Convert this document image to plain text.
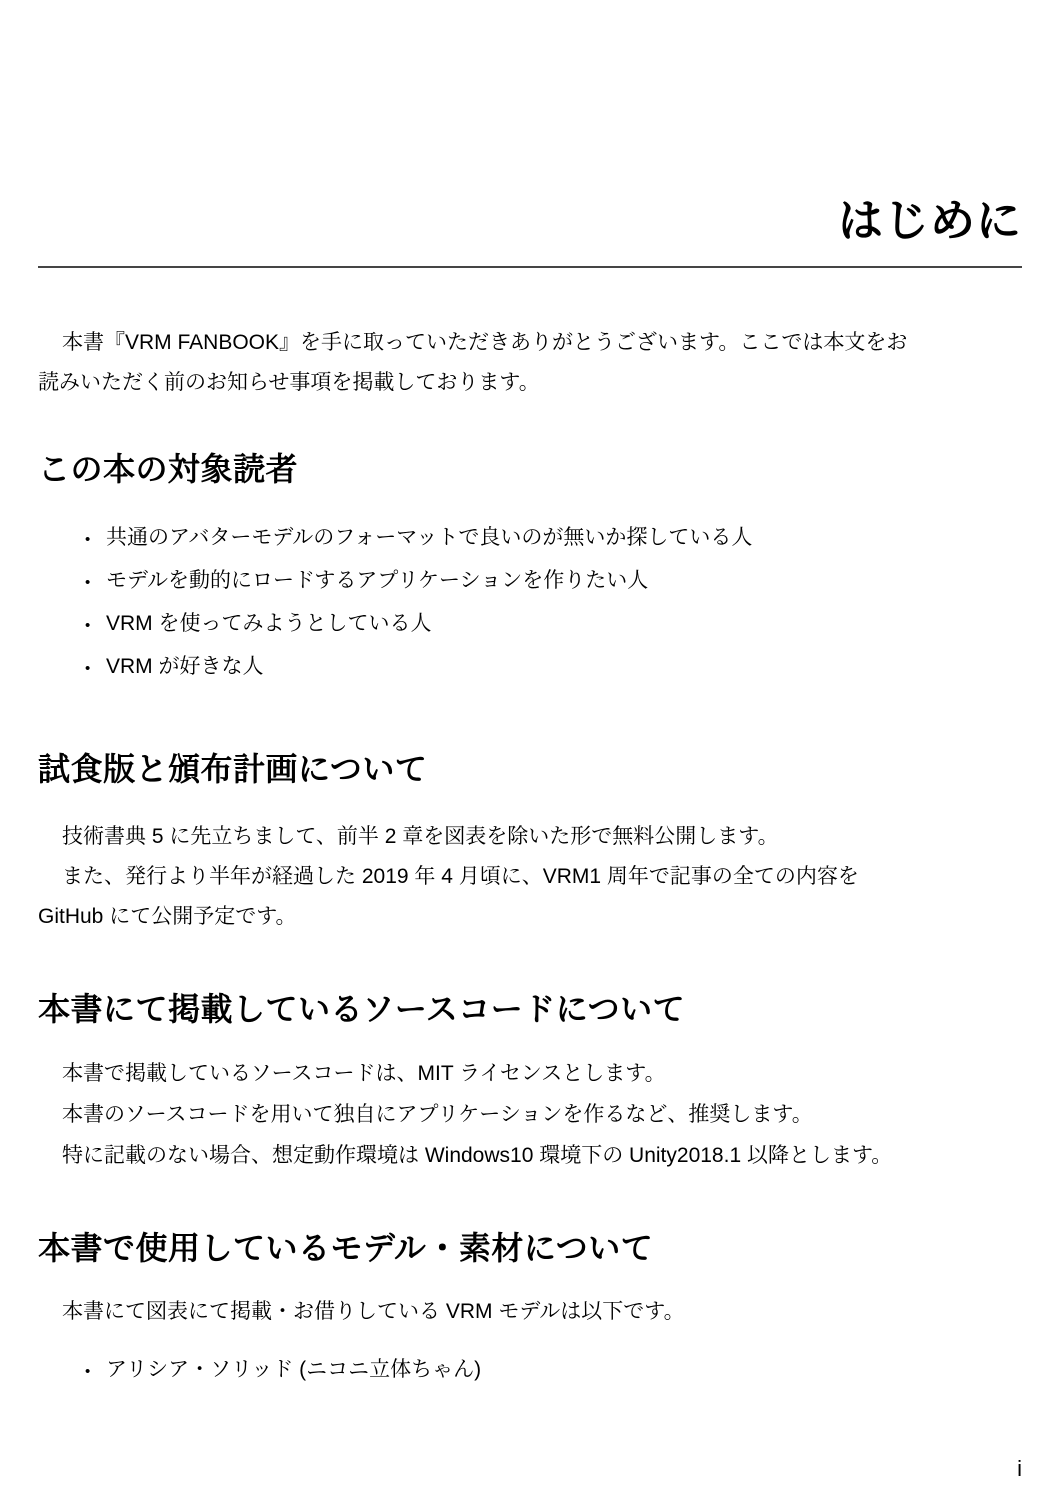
はじめに
本書『VRM FANBOOK』を手に取っていただきありがとうございます。ここでは本文をお
読みいただく前のお知らせ事項を掲載しております。
この本の対象読者
• 共通のアバターモデルのフォーマットで良いのが無いか探している人
• モデルを動的にロードするアプリケーションを作りたい人
• VRM を使ってみようとしている人
• VRM が好きな人
試食版と頒布計画について
技術書典 5 に先立ちまして、前半 2 章を図表を除いた形で無料公開します。
また、発行より半年が経過した 2019 年 4 月頃に、VRM1 周年で記事の全ての内容を
GitHub にて公開予定です。
本書にて掲載しているソースコードについて
本書で掲載しているソースコードは、MIT ライセンスとします。
本書のソースコードを用いて独自にアプリケーションを作るなど、推奨します。
特に記載のない場合、想定動作環境は Windows10 環境下の Unity2018.1 以降とします。
本書で使用しているモデル・素材について
本書にて図表にて掲載・お借りしている VRM モデルは以下です。
• アリシア・ソリッド (ニコニ立体ちゃん)
i
